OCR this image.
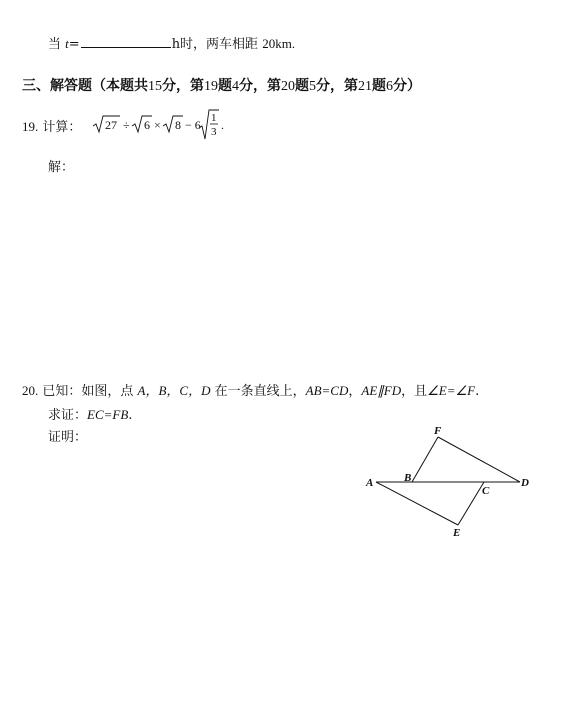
当 t=	h时，两车相距 20km.
三、解答题（本题共15分，第19题4分，第20题5分，第21题6分）
19. 计算： 27 ÷ 6 × 8 − 6 1
3 .
解：
20. 已知：如图，点 A，B，C，D 在一条直线上，AB=CD，AE∥FD，且∠E=∠F.
求证：EC=FB.
证明：
A	B
C
D
E
F
